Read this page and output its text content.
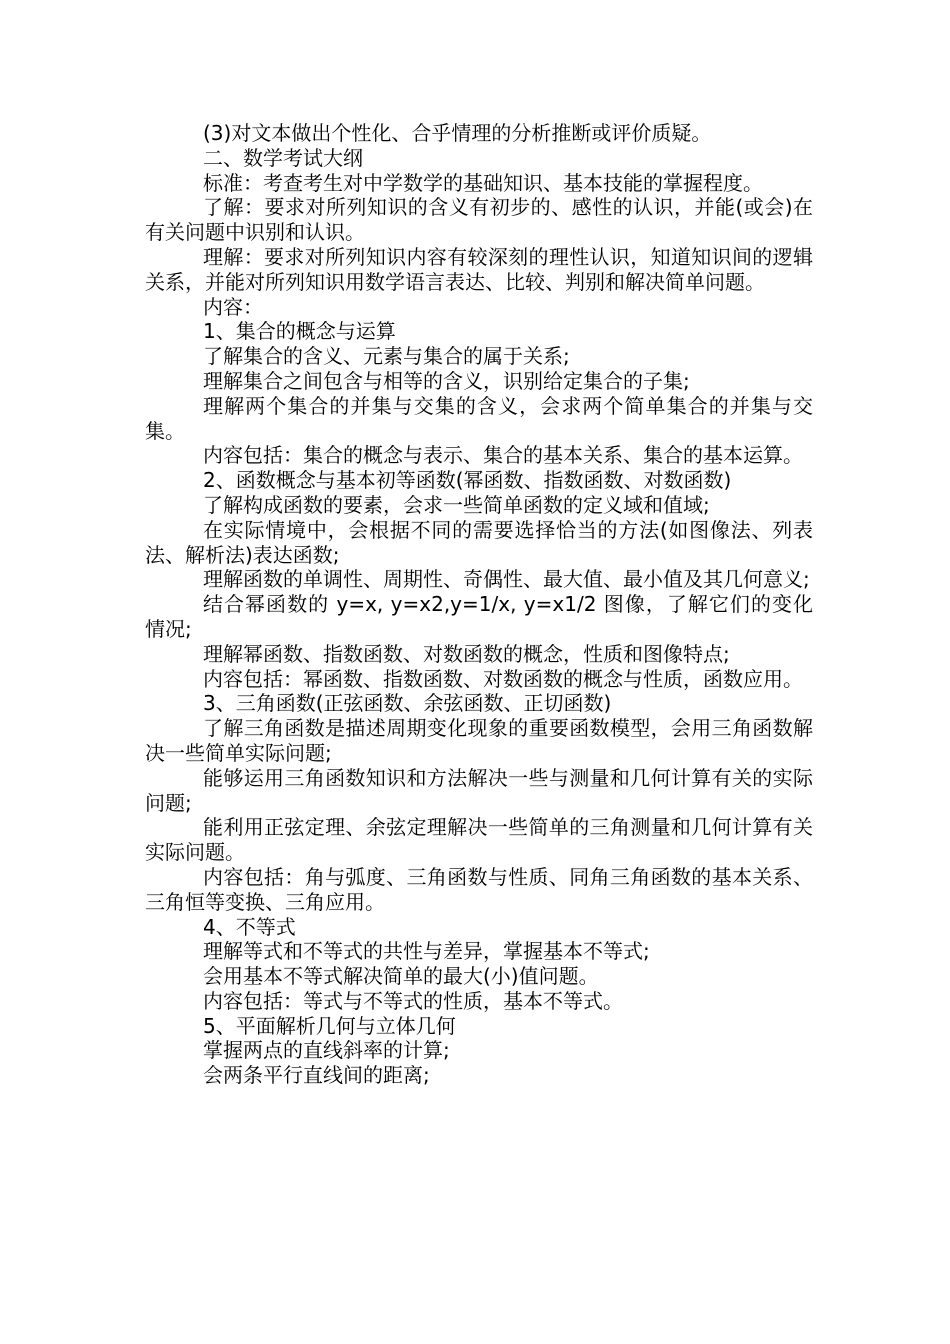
(3)对文本做出个性化、合乎情理的分析推断或评价质疑。

二、数学考试大纲

标准：考查考生对中学数学的基础知识、基本技能的掌握程度。

了解：要求对所列知识的含义有初步的、感性的认识，并能(或会)在有关问题中识别和认识。

理解：要求对所列知识内容有较深刻的理性认识，知道知识间的逻辑关系，并能对所列知识用数学语言表达、比较、判别和解决简单问题。

内容：

1、集合的概念与运算

了解集合的含义、元素与集合的属于关系;

理解集合之间包含与相等的含义，识别给定集合的子集;

理解两个集合的并集与交集的含义，会求两个简单集合的并集与交集。

内容包括：集合的概念与表示、集合的基本关系、集合的基本运算。

2、函数概念与基本初等函数(幂函数、指数函数、对数函数)

了解构成函数的要素，会求一些简单函数的定义域和值域;

在实际情境中，会根据不同的需要选择恰当的方法(如图像法、列表法、解析法)表达函数;

理解函数的单调性、周期性、奇偶性、最大值、最小值及其几何意义;

结合幂函数的 y=x, y=x2,y=1/x, y=x1/2 图像，了解它们的变化情况;

理解幂函数、指数函数、对数函数的概念，性质和图像特点;

内容包括：幂函数、指数函数、对数函数的概念与性质，函数应用。

3、三角函数(正弦函数、余弦函数、正切函数)

了解三角函数是描述周期变化现象的重要函数模型，会用三角函数解决一些简单实际问题;

能够运用三角函数知识和方法解决一些与测量和几何计算有关的实际问题;

能利用正弦定理、余弦定理解决一些简单的三角测量和几何计算有关实际问题。

内容包括：角与弧度、三角函数与性质、同角三角函数的基本关系、三角恒等变换、三角应用。

4、不等式

理解等式和不等式的共性与差异，掌握基本不等式;

会用基本不等式解决简单的最大(小)值问题。

内容包括：等式与不等式的性质，基本不等式。

5、平面解析几何与立体几何

掌握两点的直线斜率的计算;

会两条平行直线间的距离;
